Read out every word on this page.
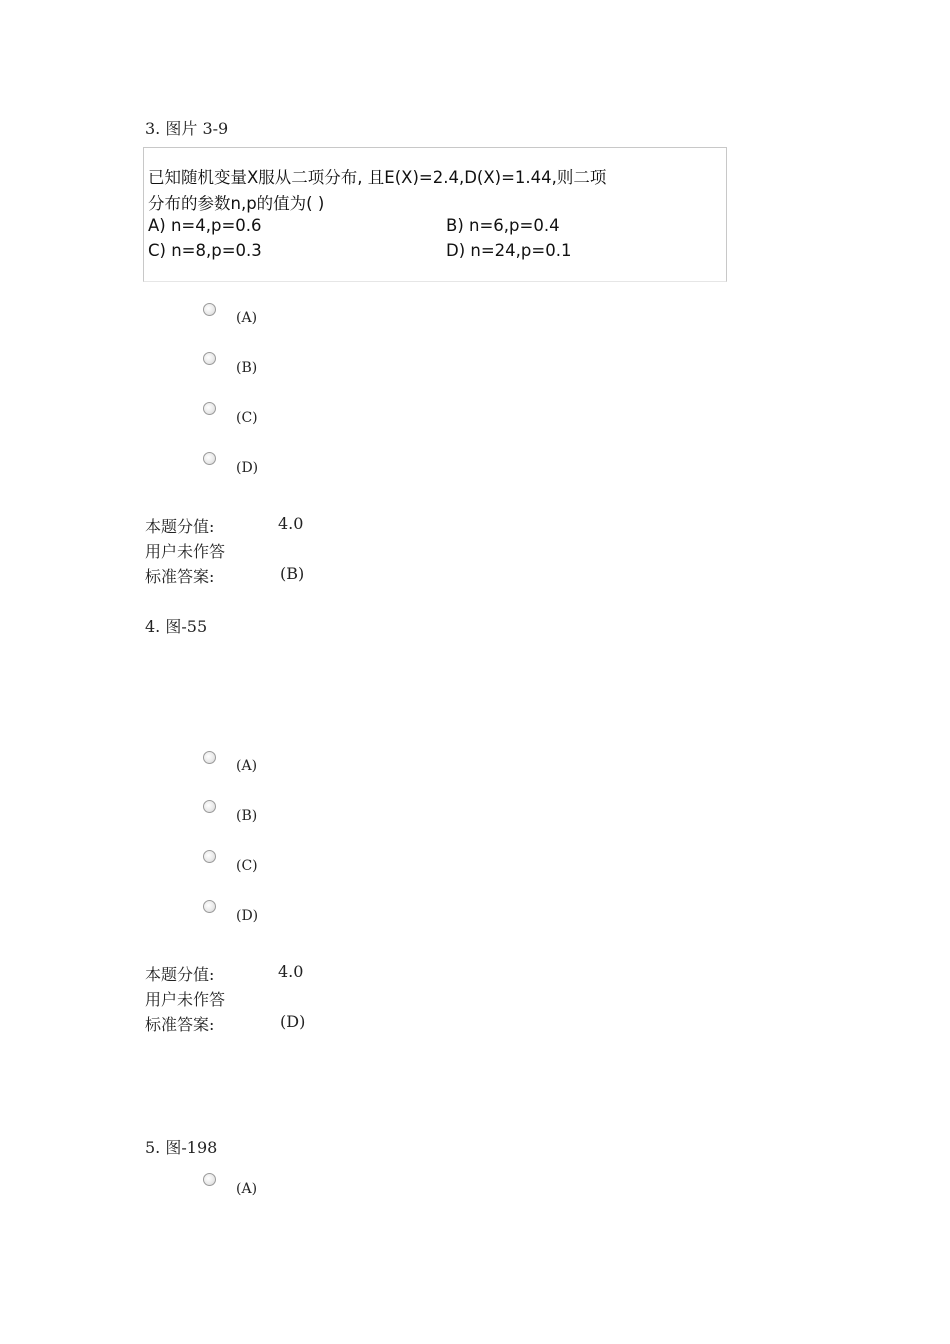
3. 图片 3-9
已知随机变量X服从二项分布, 且E(X)=2.4,D(X)=1.44,则二项
分布的参数n,p的值为( )
A) n=4,p=0.6	B) n=6,p=0.4
C) n=8,p=0.3	D) n=24,p=0.1
(A)
(B)
(C)
(D)
本题分值:	4.0
用户未作答
标准答案:	(B)
4. 图-55
(A)
(B)
(C)
(D)
本题分值:	4.0
用户未作答
标准答案:	(D)
5. 图-198
(A)
